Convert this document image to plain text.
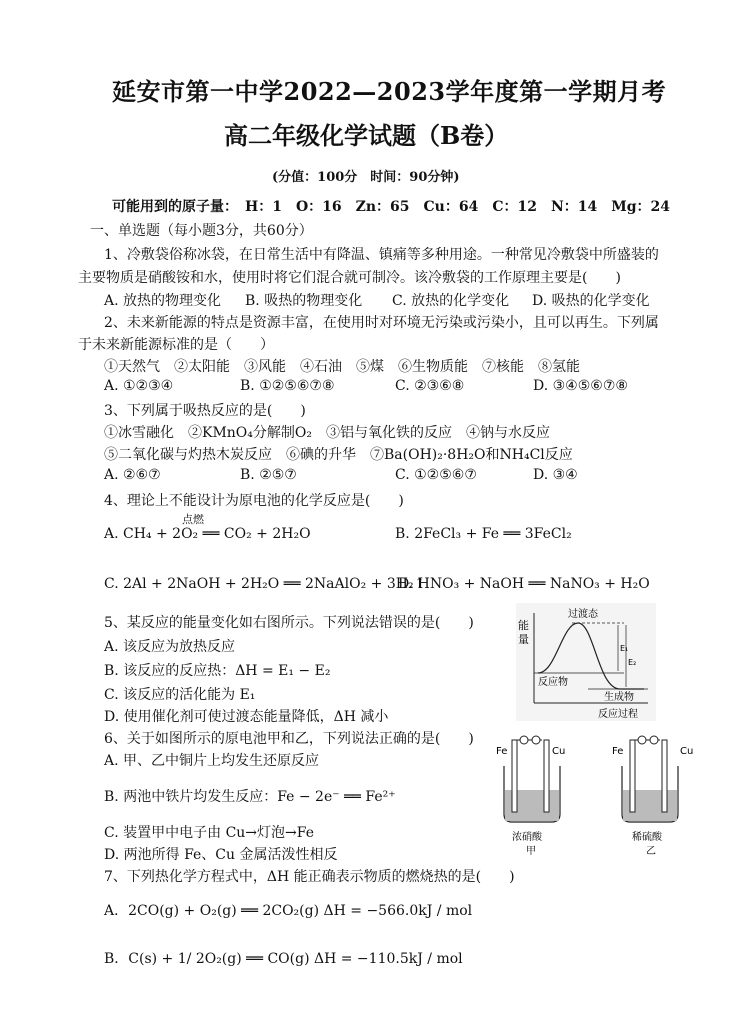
延安市第一中学2022—2023学年度第一学期月考
高二年级化学试题（B卷）
(分值：100分　时间：90分钟)
可能用到的原子量：　H：1　O：16　Zn：65　Cu：64　C：12　N：14　Mg：24
一、单选题（每小题3分，共60分）
1、冷敷袋俗称冰袋，在日常生活中有降温、镇痛等多种用途。一种常见冷敷袋中所盛装的
主要物质是硝酸铵和水，使用时将它们混合就可制冷。该冷敷袋的工作原理主要是(　　)
A. 放热的物理变化 B. 吸热的物理变化 C. 放热的化学变化 D. 吸热的化学变化
2、未来新能源的特点是资源丰富，在使用时对环境无污染或污染小，且可以再生。下列属
于未来新能源标准的是（　　）
①天然气　②太阳能　③风能　④石油　⑤煤　⑥生物质能　⑦核能　⑧氢能
A. ①②③④	B. ①②⑤⑥⑦⑧	C. ②③⑥⑧	D. ③④⑤⑥⑦⑧
3、下列属于吸热反应的是(　　)
①冰雪融化　②KMnO₄分解制O₂　③铝与氧化铁的反应　④钠与水反应
⑤二氧化碳与灼热木炭反应　⑥碘的升华　⑦Ba(OH)₂·8H₂O和NH₄Cl反应
A. ②⑥⑦	B. ②⑤⑦	C. ①②⑤⑥⑦	D. ③④
4、理论上不能设计为原电池的化学反应是(　　)
点燃
A. CH₄ + 2O₂ ══ CO₂ + 2H₂O	B. 2FeCl₃ + Fe ══ 3FeCl₂
C. 2Al + 2NaOH + 2H₂O ══ 2NaAlO₂ + 3H₂↑
D. HNO₃ + NaOH ══ NaNO₃ + H₂O
5、某反应的能量变化如右图所示。下列说法错误的是(　　)
A. 该反应为放热反应
B. 该反应的反应热：ΔH = E₁ − E₂
C. 该反应的活化能为 E₁
D. 使用催化剂可使过渡态能量降低，ΔH 减小
能
量
过渡态
反应物
生成物
反应过程
E₁
E₂
6、关于如图所示的原电池甲和乙，下列说法正确的是(　　)
A. 甲、乙中铜片上均发生还原反应
B. 两池中铁片均发生反应：Fe − 2e⁻ ══ Fe²⁺
C. 装置甲中电子由 Cu→灯泡→Fe
D. 两池所得 Fe、Cu 金属活泼性相反
Fe	Cu
浓硝酸
甲
Fe	Cu
稀硫酸
乙
7、下列热化学方程式中，ΔH 能正确表示物质的燃烧热的是(　　)
A．2CO(g) + O₂(g) ══ 2CO₂(g) ΔH = −566.0kJ / mol
B．C(s) + 1/ 2O₂(g) ══ CO(g) ΔH = −110.5kJ / mol
